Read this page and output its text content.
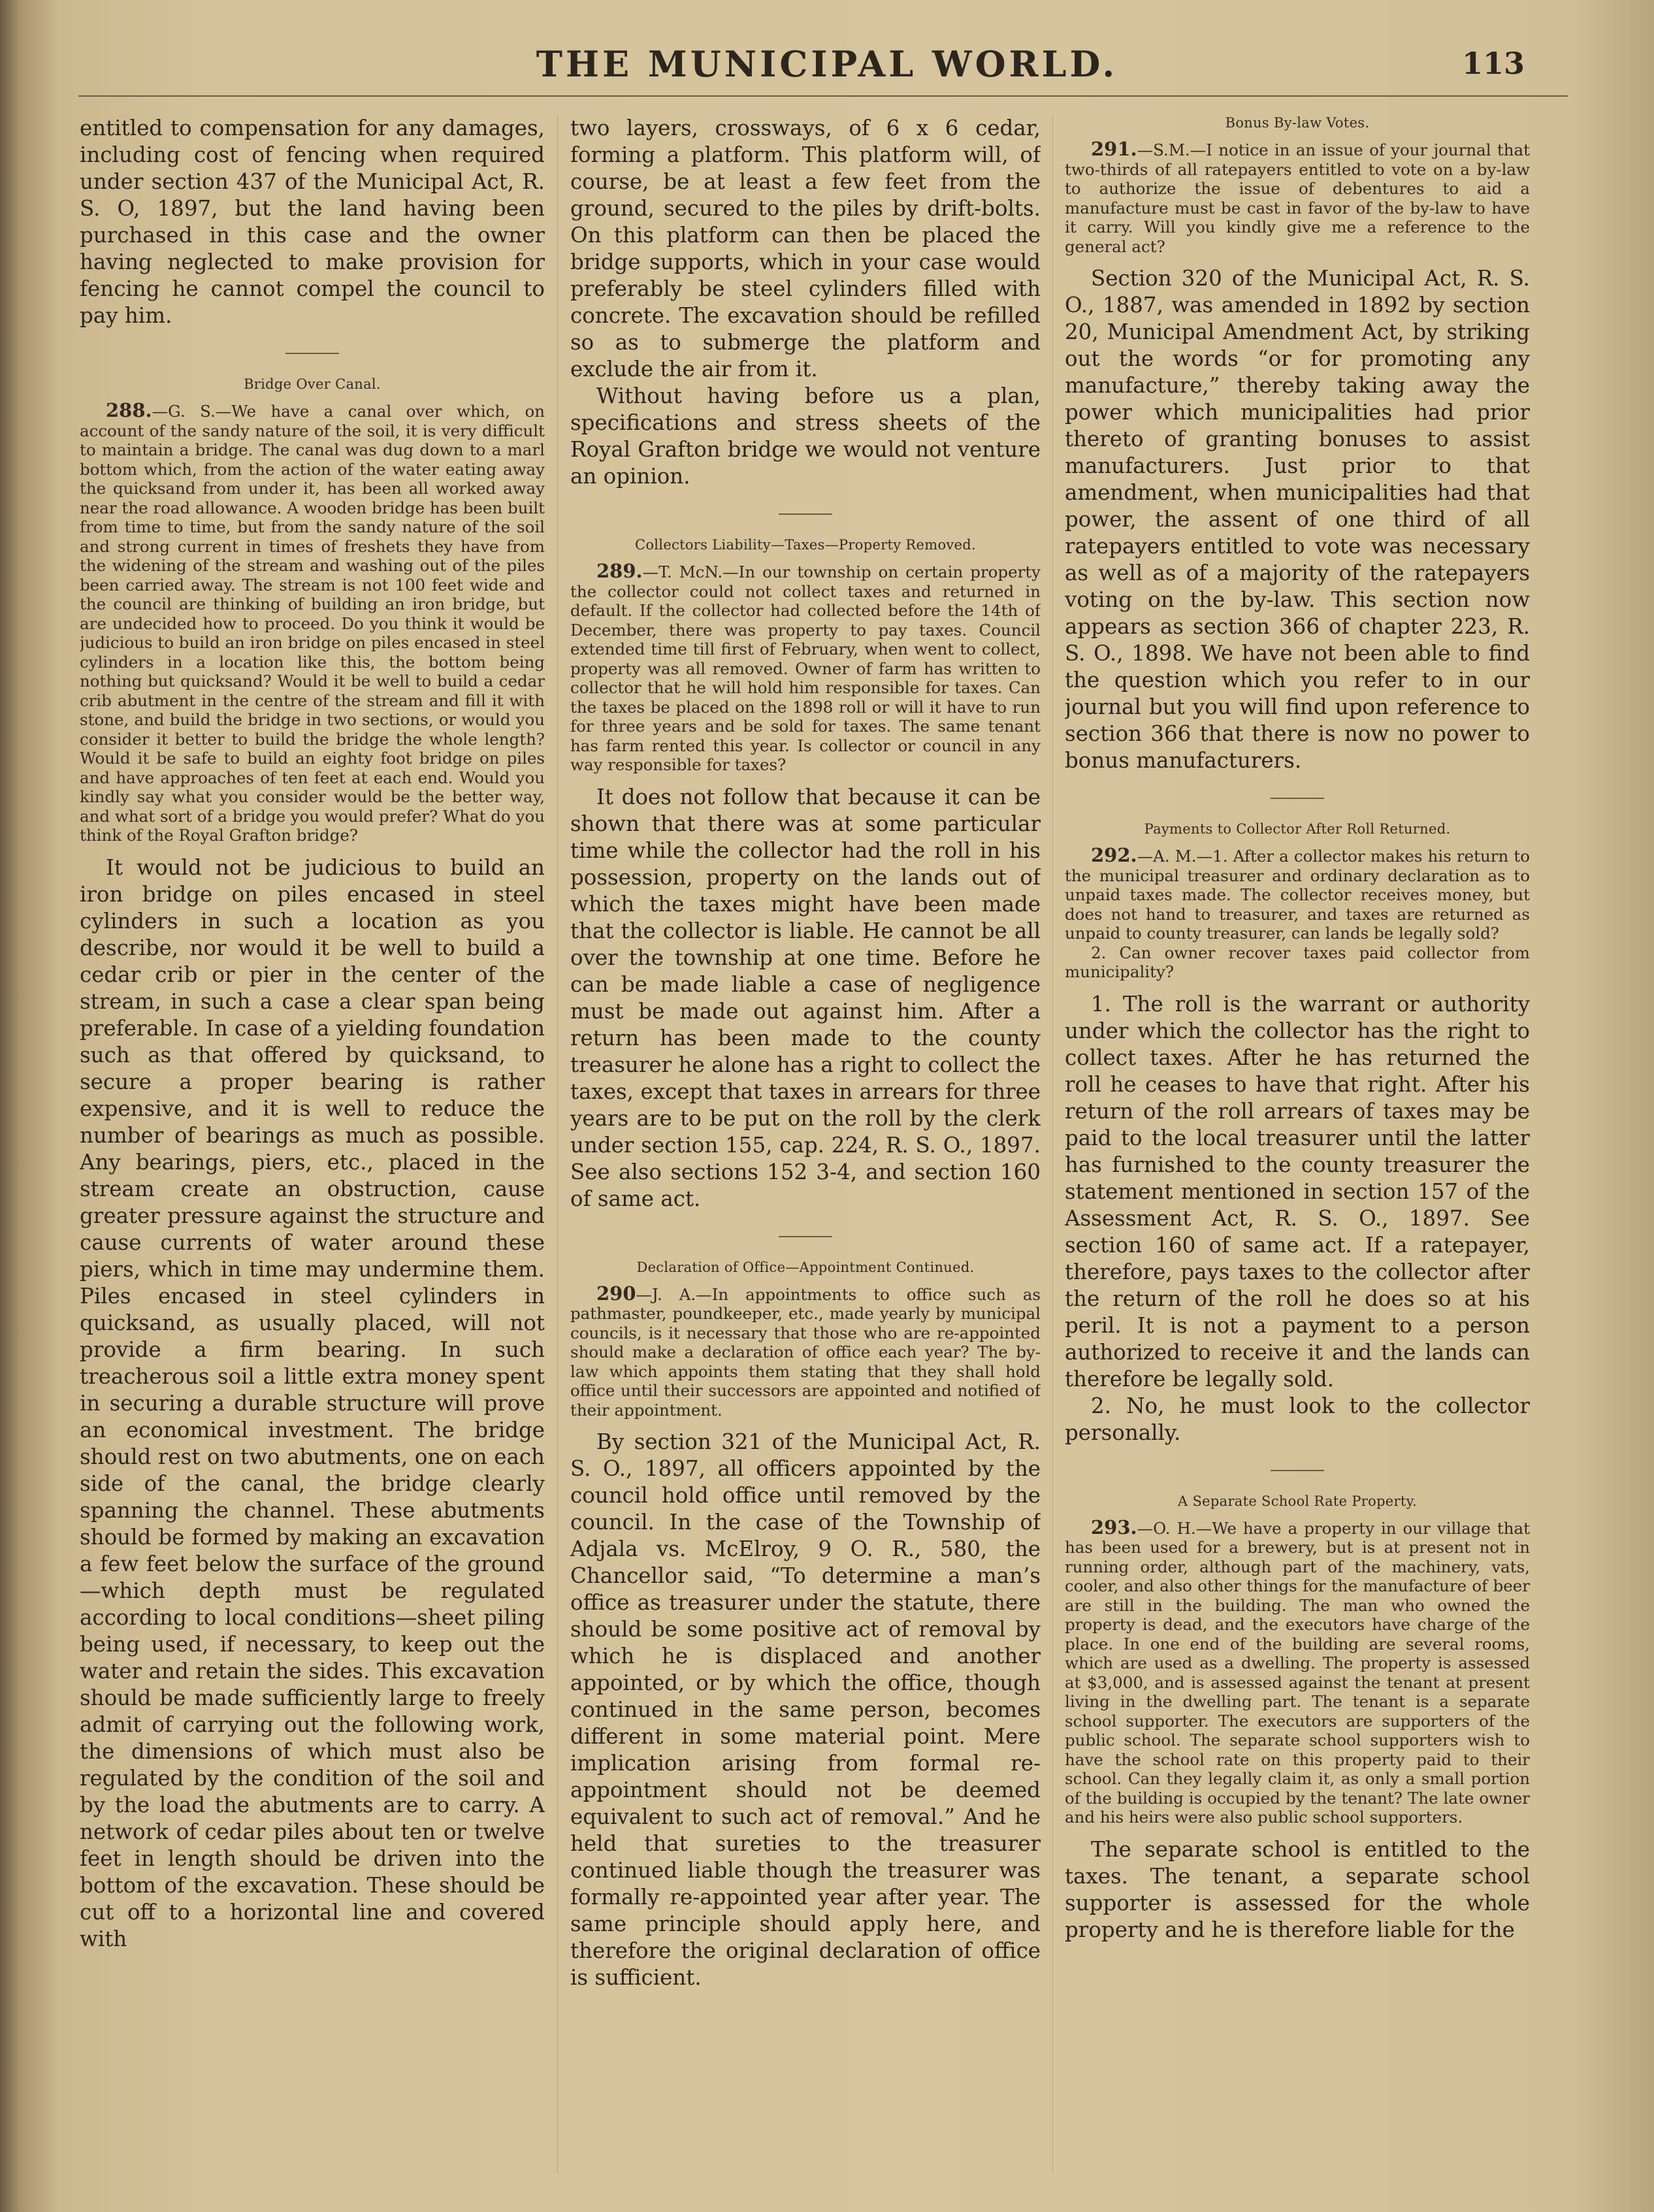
THE MUNICIPAL WORLD.	113

entitled to compensation for any damages, including cost of fencing when required under section 437 of the Municipal Act, R. S. O, 1897, but the land having been purchased in this case and the owner having neglected to make provision for fencing he cannot compel the council to pay him.

Bridge Over Canal.

288.—G. S.—We have a canal over which, on account of the sandy nature of the soil, it is very difficult to maintain a bridge. The canal was dug down to a marl bottom which, from the action of the water eating away the quicksand from under it, has been all worked away near the road allowance. A wooden bridge has been built from time to time, but from the sandy nature of the soil and strong current in times of freshets they have from the widening of the stream and washing out of the piles been carried away. The stream is not 100 feet wide and the council are thinking of building an iron bridge, but are undecided how to proceed. Do you think it would be judicious to build an iron bridge on piles encased in steel cylinders in a location like this, the bottom being nothing but quicksand? Would it be well to build a cedar crib abutment in the centre of the stream and fill it with stone, and build the bridge in two sections, or would you consider it better to build the bridge the whole length? Would it be safe to build an eighty foot bridge on piles and have approaches of ten feet at each end. Would you kindly say what you consider would be the better way, and what sort of a bridge you would prefer? What do you think of the Royal Grafton bridge?

It would not be judicious to build an iron bridge on piles encased in steel cylinders in such a location as you describe, nor would it be well to build a cedar crib or pier in the center of the stream, in such a case a clear span being preferable. In case of a yielding foundation such as that offered by quicksand, to secure a proper bearing is rather expensive, and it is well to reduce the number of bearings as much as possible. Any bearings, piers, etc., placed in the stream create an obstruction, cause greater pressure against the structure and cause currents of water around these piers, which in time may undermine them. Piles encased in steel cylinders in quicksand, as usually placed, will not provide a firm bearing. In such treacherous soil a little extra money spent in securing a durable structure will prove an economical investment. The bridge should rest on two abutments, one on each side of the canal, the bridge clearly spanning the channel. These abutments should be formed by making an excavation a few feet below the surface of the ground—which depth must be regulated according to local conditions—sheet piling being used, if necessary, to keep out the water and retain the sides. This excavation should be made sufficiently large to freely admit of carrying out the following work, the dimensions of which must also be regulated by the condition of the soil and by the load the abutments are to carry. A network of cedar piles about ten or twelve feet in length should be driven into the bottom of the excavation. These should be cut off to a horizontal line and covered with

two layers, crossways, of 6 x 6 cedar, forming a platform. This platform will, of course, be at least a few feet from the ground, secured to the piles by drift-bolts. On this platform can then be placed the bridge supports, which in your case would preferably be steel cylinders filled with concrete. The excavation should be refilled so as to submerge the platform and exclude the air from it.

Without having before us a plan, specifications and stress sheets of the Royal Grafton bridge we would not venture an opinion.

Collectors Liability—Taxes—Property Removed.

289.—T. McN.—In our township on certain property the collector could not collect taxes and returned in default. If the collector had collected before the 14th of December, there was property to pay taxes. Council extended time till first of February, when went to collect, property was all removed. Owner of farm has written to collector that he will hold him responsible for taxes. Can the taxes be placed on the 1898 roll or will it have to run for three years and be sold for taxes. The same tenant has farm rented this year. Is collector or council in any way responsible for taxes?

It does not follow that because it can be shown that there was at some particular time while the collector had the roll in his possession, property on the lands out of which the taxes might have been made that the collector is liable. He cannot be all over the township at one time. Before he can be made liable a case of negligence must be made out against him. After a return has been made to the county treasurer he alone has a right to collect the taxes, except that taxes in arrears for three years are to be put on the roll by the clerk under section 155, cap. 224, R. S. O., 1897. See also sections 152 3-4, and section 160 of same act.

Declaration of Office—Appointment Continued.

290—J. A.—In appointments to office such as pathmaster, poundkeeper, etc., made yearly by municipal councils, is it necessary that those who are re-appointed should make a declaration of office each year? The by-law which appoints them stating that they shall hold office until their successors are appointed and notified of their appointment.

By section 321 of the Municipal Act, R. S. O., 1897, all officers appointed by the council hold office until removed by the council. In the case of the Township of Adjala vs. McElroy, 9 O. R., 580, the Chancellor said, “To determine a man’s office as treasurer under the statute, there should be some positive act of removal by which he is displaced and another appointed, or by which the office, though continued in the same person, becomes different in some material point. Mere implication arising from formal re-appointment should not be deemed equivalent to such act of removal.” And he held that sureties to the treasurer continued liable though the treasurer was formally re-appointed year after year. The same principle should apply here, and therefore the original declaration of office is sufficient.

Bonus By-law Votes.

291.—S.M.—I notice in an issue of your journal that two-thirds of all ratepayers entitled to vote on a by-law to authorize the issue of debentures to aid a manufacture must be cast in favor of the by-law to have it carry. Will you kindly give me a reference to the general act?

Section 320 of the Municipal Act, R. S. O., 1887, was amended in 1892 by section 20, Municipal Amendment Act, by striking out the words “or for promoting any manufacture,” thereby taking away the power which municipalities had prior thereto of granting bonuses to assist manufacturers. Just prior to that amendment, when municipalities had that power, the assent of one third of all ratepayers entitled to vote was necessary as well as of a majority of the ratepayers voting on the by-law. This section now appears as section 366 of chapter 223, R. S. O., 1898. We have not been able to find the question which you refer to in our journal but you will find upon reference to section 366 that there is now no power to bonus manufacturers.

Payments to Collector After Roll Returned.

292.—A. M.—1. After a collector makes his return to the municipal treasurer and ordinary declaration as to unpaid taxes made. The collector receives money, but does not hand to treasurer, and taxes are returned as unpaid to county treasurer, can lands be legally sold?

2. Can owner recover taxes paid collector from municipality?

1. The roll is the warrant or authority under which the collector has the right to collect taxes. After he has returned the roll he ceases to have that right. After his return of the roll arrears of taxes may be paid to the local treasurer until the latter has furnished to the county treasurer the statement mentioned in section 157 of the Assessment Act, R. S. O., 1897. See section 160 of same act. If a ratepayer, therefore, pays taxes to the collector after the return of the roll he does so at his peril. It is not a payment to a person authorized to receive it and the lands can therefore be legally sold.

2. No, he must look to the collector personally.

A Separate School Rate Property.

293.—O. H.—We have a property in our village that has been used for a brewery, but is at present not in running order, although part of the machinery, vats, cooler, and also other things for the manufacture of beer are still in the building. The man who owned the property is dead, and the executors have charge of the place. In one end of the building are several rooms, which are used as a dwelling. The property is assessed at $3,000, and is assessed against the tenant at present living in the dwelling part. The tenant is a separate school supporter. The executors are supporters of the public school. The separate school supporters wish to have the school rate on this property paid to their school. Can they legally claim it, as only a small portion of the building is occupied by the tenant? The late owner and his heirs were also public school supporters.

The separate school is entitled to the taxes. The tenant, a separate school supporter is assessed for the whole property and he is therefore liable for the
